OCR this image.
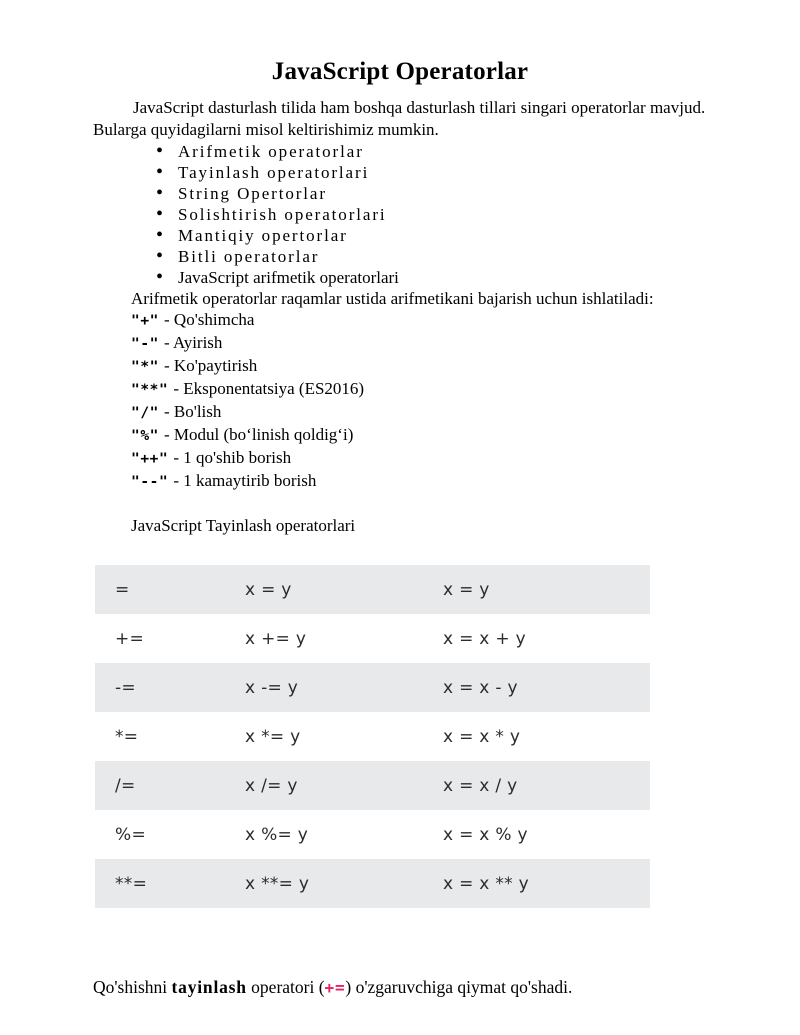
JavaScript Operatorlar

JavaScript dasturlash tilida ham boshqa dasturlash tillari singari operatorlar mavjud. Bularga quyidagilarni misol keltirishimiz mumkin.

• Arifmetik operatorlar
• Tayinlash operatorlari
• String Opertorlar
• Solishtirish operatorlari
• Mantiqiy opertorlar
• Bitli operatorlar
• JavaScript arifmetik operatorlari
Arifmetik operatorlar raqamlar ustida arifmetikani bajarish uchun ishlatiladi:
"+" - Qo'shimcha
"-" - Ayirish
"*" - Ko'paytirish
"**" - Eksponentatsiya (ES2016)
"/" - Bo'lish
"%" - Modul (bo‘linish qoldig‘i)
"++" - 1 qo'shib borish
"--" - 1 kamaytirib borish
JavaScript Tayinlash operatorlari
=	x = y	x = y
+=	x += y	x = x + y
-=	x -= y	x = x - y
*=	x *= y	x = x * y
/=	x /= y	x = x / y
%=	x %= y	x = x % y
**=	x **= y	x = x ** y

Qo'shishni tayinlash operatori (+=) o'zgaruvchiga qiymat qo'shadi.
